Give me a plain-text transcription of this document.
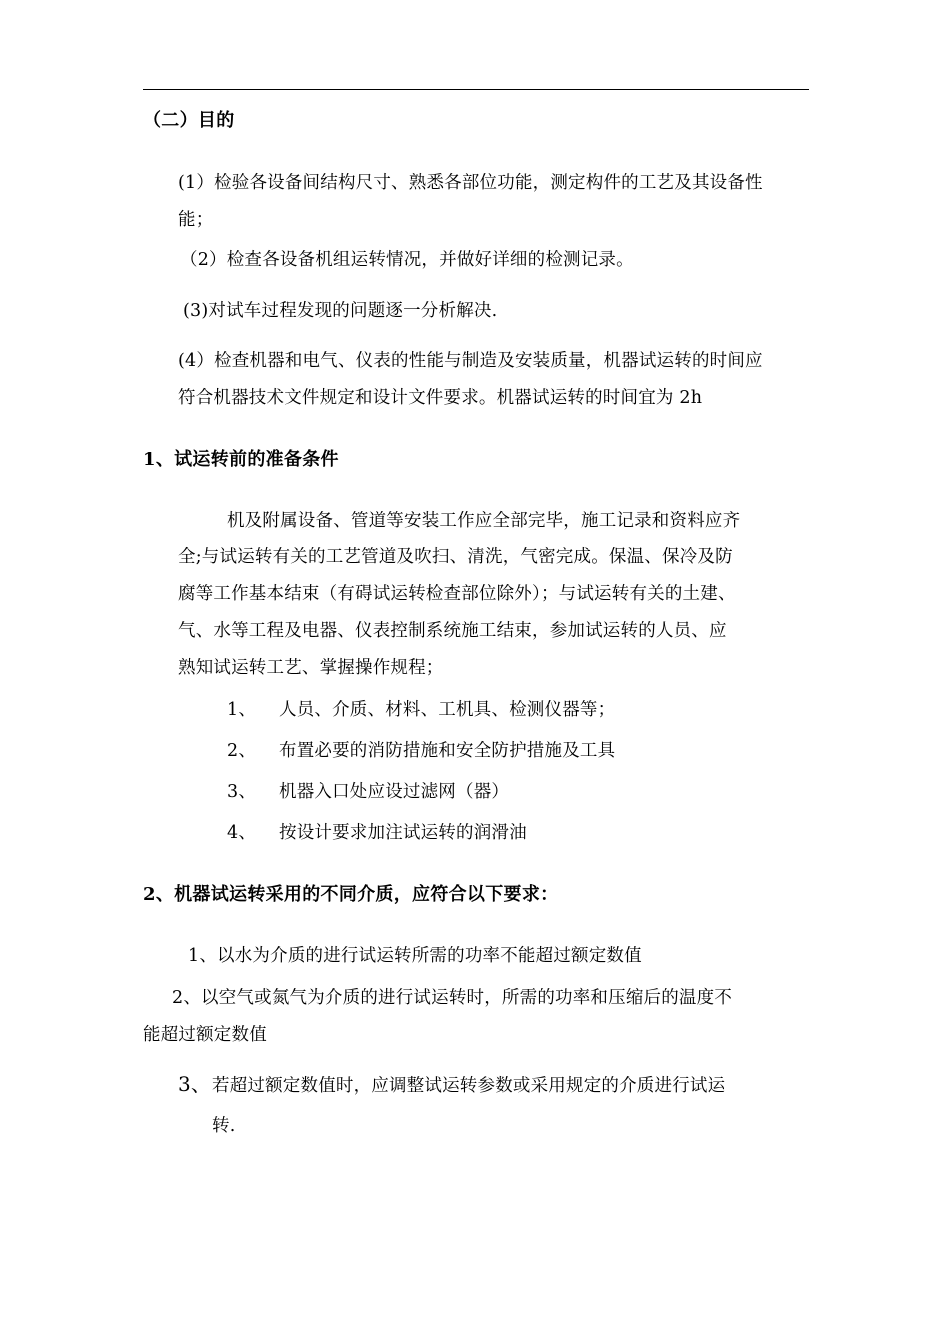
（二）目的
(1）检验各设备间结构尺寸、熟悉各部位功能，测定构件的工艺及其设备性
能；
（2）检查各设备机组运转情况，并做好详细的检测记录。
(3)对试车过程发现的问题逐一分析解决.
(4）检查机器和电气、仪表的性能与制造及安装质量，机器试运转的时间应
符合机器技术文件规定和设计文件要求。机器试运转的时间宜为 2h
1、试运转前的准备条件
机及附属设备、管道等安装工作应全部完毕，施工记录和资料应齐
全;与试运转有关的工艺管道及吹扫、清洗，气密完成。保温、保冷及防
腐等工作基本结束（有碍试运转检查部位除外）；与试运转有关的土建、
气、水等工程及电器、仪表控制系统施工结束，参加试运转的人员、应
熟知试运转工艺、掌握操作规程；
1、 人员、介质、材料、工机具、检测仪器等；
2、 布置必要的消防措施和安全防护措施及工具
3、 机器入口处应设过滤网（器）
4、 按设计要求加注试运转的润滑油
2、机器试运转采用的不同介质，应符合以下要求：
1、以水为介质的进行试运转所需的功率不能超过额定数值
2、以空气或氮气为介质的进行试运转时，所需的功率和压缩后的温度不
能超过额定数值
3、 若超过额定数值时，应调整试运转参数或采用规定的介质进行试运
转.
